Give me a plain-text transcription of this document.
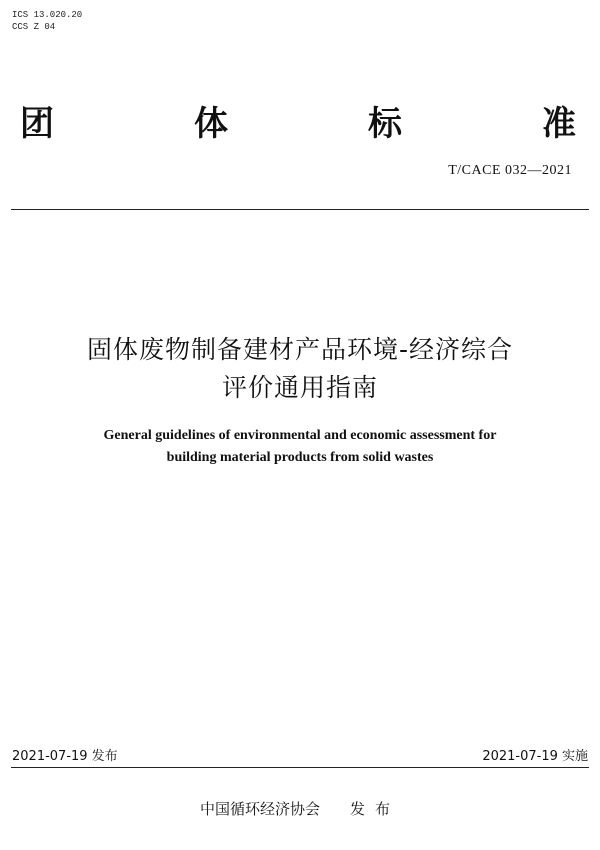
ICS 13.020.20
CCS Z 04
团	体	标	准
T/CACE 032—2021
固体废物制备建材产品环境-经济综合
评价通用指南
General guidelines of environmental and economic assessment for
building material products from solid wastes
2021-07-19 发布	2021-07-19 实施
中国循环经济协会 发布
